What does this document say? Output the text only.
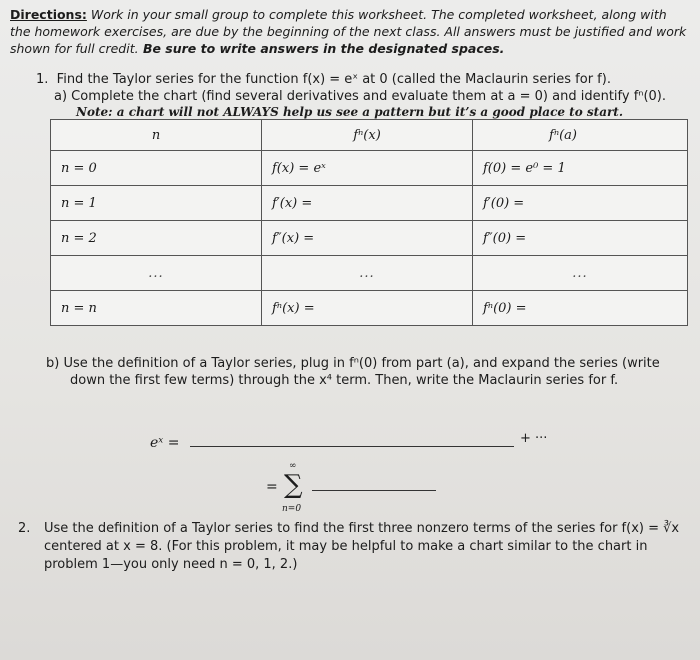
Directions: Work in your small group to complete this worksheet. The completed worksheet, along with the homework exercises, are due by the beginning of the next class. All answers must be justified and work shown for full credit. Be sure to write answers in the designated spaces.
1. Find the Taylor series for the function f(x) = eˣ at 0 (called the Maclaurin series for f).
a) Complete the chart (find several derivatives and evaluate them at a = 0) and identify fⁿ(0).
Note: a chart will not ALWAYS help us see a pattern but it’s a good place to start.
n	fⁿ(x)	fⁿ(a)
n = 0	f(x) = eˣ	f(0) = e⁰ = 1
n = 1	f′(x) =	f′(0) =
n = 2	f″(x) =	f″(0) =
...	...	...
n = n	fⁿ(x) =	fⁿ(0) =
b) Use the definition of a Taylor series, plug in fⁿ(0) from part (a), and expand the series (write
down the first few terms) through the x⁴ term. Then, write the Maclaurin series for f.
eˣ =	+ ···
=
∞
∑
n=0
2. Use the definition of a Taylor series to find the first three nonzero terms of the series for f(x) = ∛x centered at x = 8. (For this problem, it may be helpful to make a chart similar to the chart in problem 1—you only need n = 0, 1, 2.)
